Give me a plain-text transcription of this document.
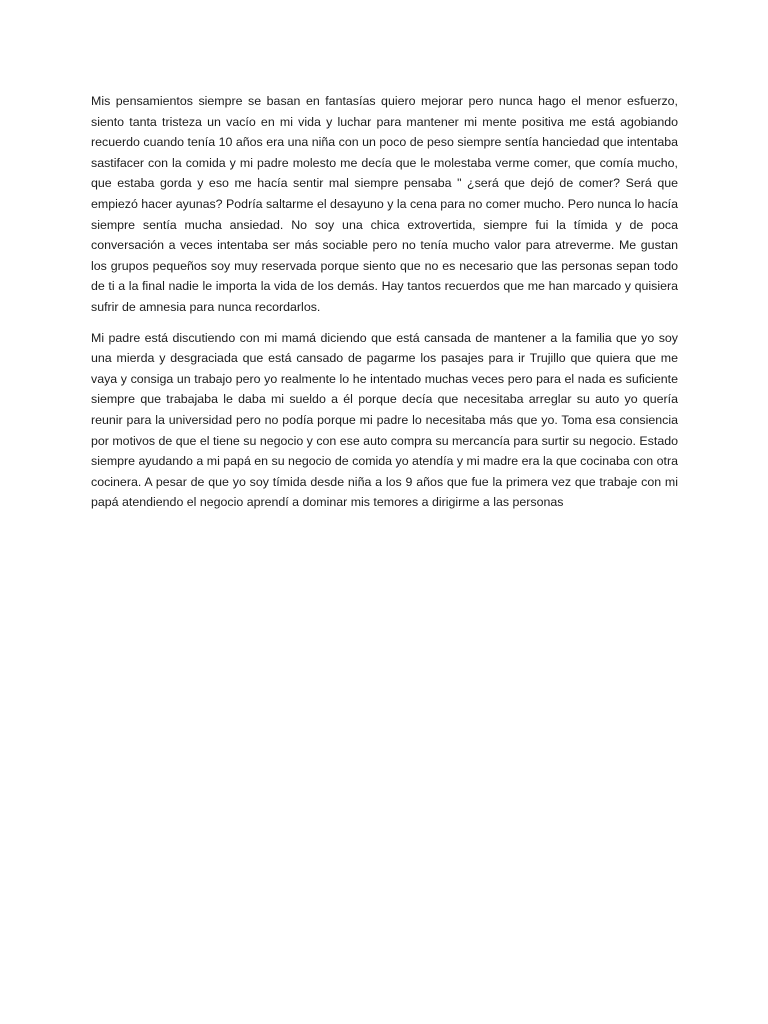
Mis pensamientos siempre se basan en fantasías quiero mejorar pero nunca hago el menor esfuerzo, siento tanta tristeza un vacío en mi vida y luchar para mantener mi mente positiva me está agobiando recuerdo cuando tenía 10 años era una niña con un poco de peso siempre sentía hanciedad que intentaba sastifacer con la comida y mi padre molesto me decía que le molestaba verme comer, que comía mucho, que estaba gorda y eso me hacía sentir mal siempre pensaba " ¿será que dejó de comer? Será que empiezó hacer ayunas? Podría saltarme el desayuno y la cena para no comer mucho. Pero nunca lo hacía siempre sentía mucha ansiedad. No soy una chica extrovertida, siempre fui la tímida y de poca conversación a veces intentaba ser más sociable pero no tenía mucho valor para atreverme. Me gustan los grupos pequeños soy muy reservada porque siento que no es necesario que las personas sepan todo de ti a la final nadie le importa la vida de los demás. Hay tantos recuerdos que me han marcado y quisiera sufrir de amnesia para nunca recordarlos.

Mi padre está discutiendo con mi mamá diciendo que está cansada de mantener a la familia que yo soy una mierda y desgraciada que está cansado de pagarme los pasajes para ir Trujillo que quiera que me vaya y consiga un trabajo pero yo realmente lo he intentado muchas veces pero para el nada es suficiente siempre que trabajaba le daba mi sueldo a él porque decía que necesitaba arreglar su auto yo quería reunir para la universidad pero no podía porque mi padre lo necesitaba más que yo. Toma esa consiencia por motivos de que el tiene su negocio y con ese auto compra su mercancía para surtir su negocio. Estado siempre ayudando a mi papá en su negocio de comida yo atendía y mi madre era la que cocinaba con otra cocinera. A pesar de que yo soy tímida desde niña a los 9 años que fue la primera vez que trabaje con mi papá atendiendo el negocio aprendí a dominar mis temores a dirigirme a las personas
